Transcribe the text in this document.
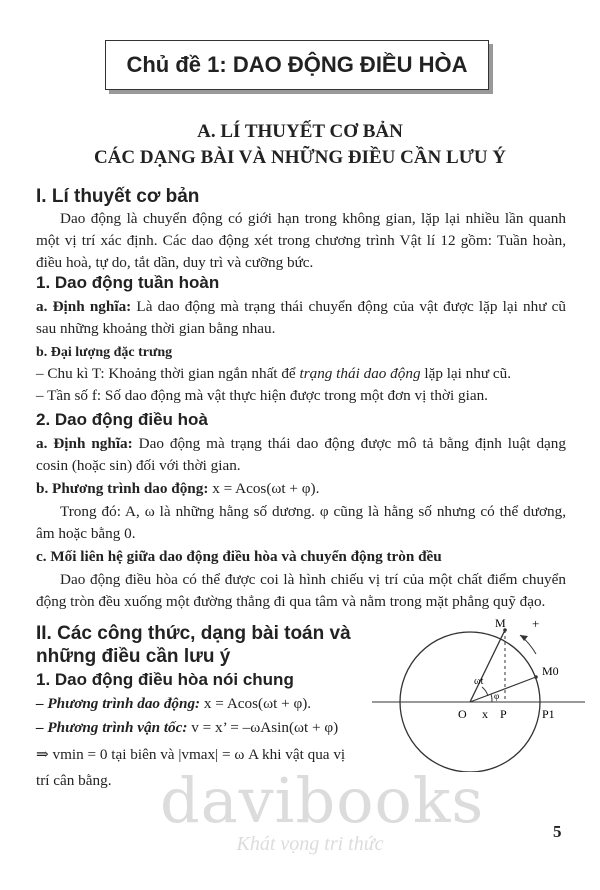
Chủ đề 1: DAO ĐỘNG ĐIỀU HÒA
A. LÍ THUYẾT CƠ BẢN
CÁC DẠNG BÀI VÀ NHỮNG ĐIỀU CẦN LƯU Ý
I. Lí thuyết cơ bản
Dao động là chuyển động có giới hạn trong không gian, lặp lại nhiều lần quanh một vị trí xác định. Các dao động xét trong chương trình Vật lí 12 gồm: Tuần hoàn, điều hoà, tự do, tắt dần, duy trì và cưỡng bức.
1. Dao động tuần hoàn
a. Định nghĩa: Là dao động mà trạng thái chuyển động của vật được lặp lại như cũ sau những khoảng thời gian bằng nhau.
b. Đại lượng đặc trưng
– Chu kì T: Khoảng thời gian ngắn nhất để trạng thái dao động lặp lại như cũ.
– Tần số f: Số dao động mà vật thực hiện được trong một đơn vị thời gian.
2. Dao động điều hoà
a. Định nghĩa: Dao động mà trạng thái dao động được mô tả bằng định luật dạng cosin (hoặc sin) đối với thời gian.
b. Phương trình dao động: x = Acos(ωt + φ).
Trong đó: A, ω là những hằng số dương. φ cũng là hằng số nhưng có thể dương, âm hoặc bằng 0.
c. Mối liên hệ giữa dao động điều hòa và chuyển động tròn đều
Dao động điều hòa có thể được coi là hình chiếu vị trí của một chất điểm chuyển động tròn đều xuống một đường thẳng đi qua tâm và nằm trong mặt phẳng quỹ đạo.
II. Các công thức, dạng bài toán và
những điều cần lưu ý
1. Dao động điều hòa nói chung
– Phương trình dao động: x = Acos(ωt + φ).
– Phương trình vận tốc: v = x’ = –ωAsin(ωt + φ)
⇒ vmin = 0 tại biên và |vmax| = ω A khi vật qua vị
trí cân bằng.
M +
M0
ωt
φ
O x P	P1
davibooks
Khát vọng tri thức
5
